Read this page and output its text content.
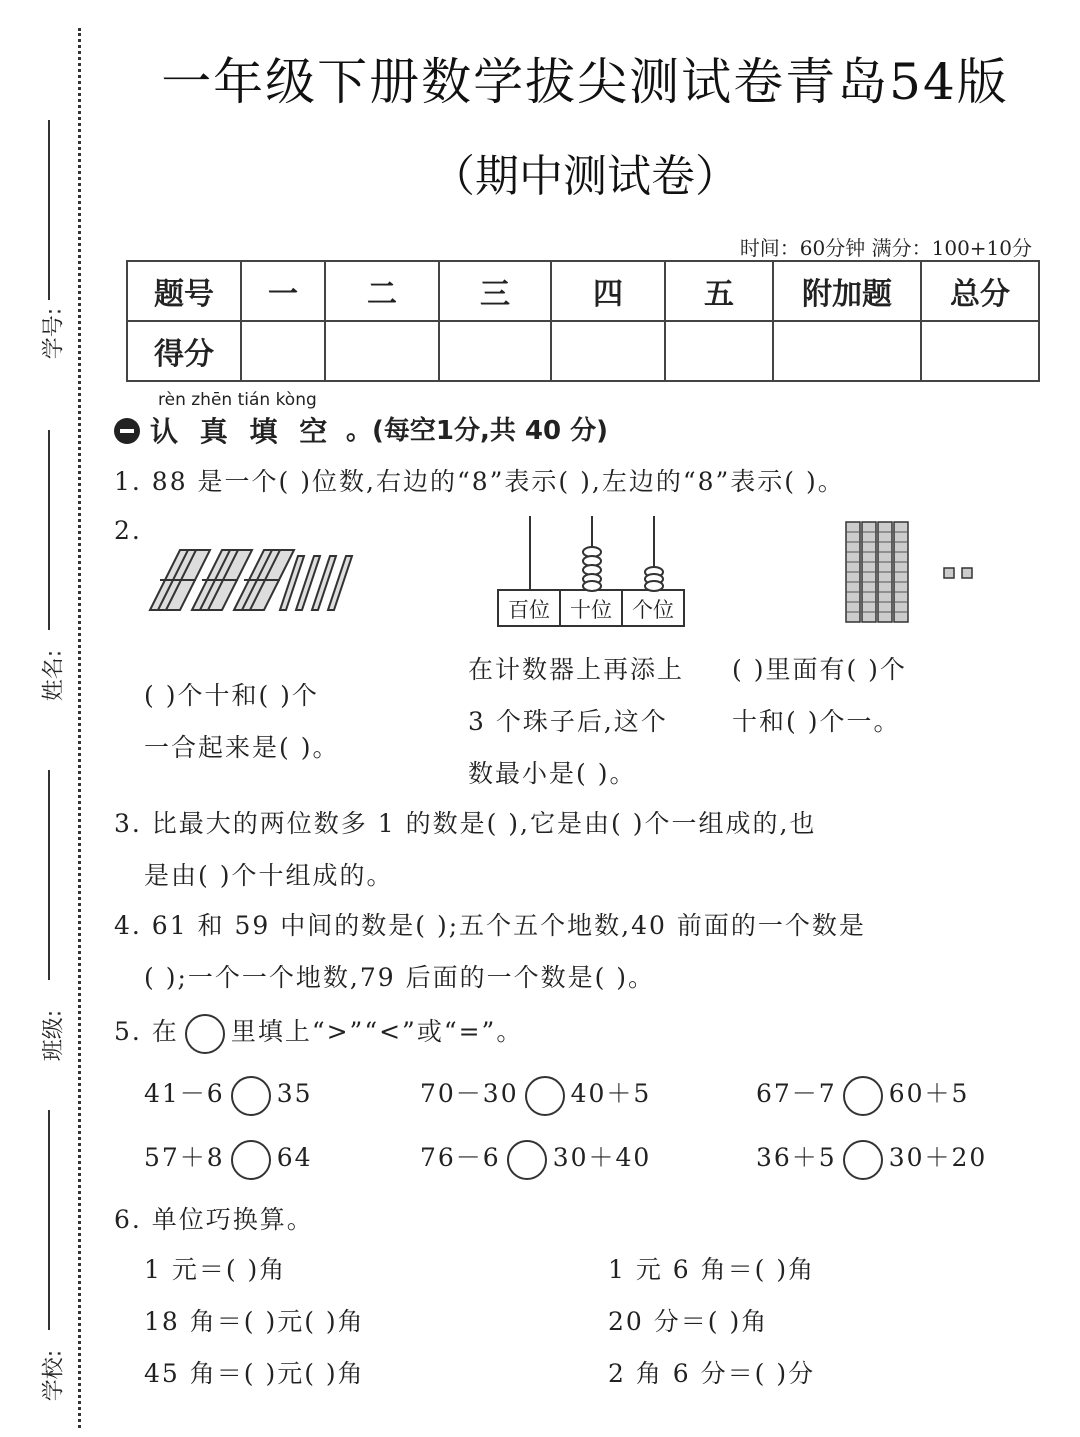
学号:
姓名:
班级:
学校:
一年级下册数学拔尖测试卷青岛54版
（期中测试卷）
时间：60分钟 满分：100+10分
题号	一	二	三	四	五	附加题	总分
得分							
rèn zhēn tián kòng
认 真 填 空 。(每空1分,共 40 分)
1. 88 是一个( )位数,右边的“8”表示( ),左边的“8”表示( )。
2.
百位 十位 个位
( )个十和( )个
一合起来是( )。
在计数器上再添上
3 个珠子后,这个
数最小是( )。
( )里面有( )个
十和( )个一。
3. 比最大的两位数多 1 的数是( ),它是由( )个一组成的,也
是由( )个十组成的。
4. 61 和 59 中间的数是( );五个五个地数,40 前面的一个数是
( );一个一个地数,79 后面的一个数是( )。
5. 在 里填上“>”“<”或“=”。
41－6 35	70－30 40＋5	67－7 60＋5
57＋8 64	76－6 30＋40	36＋5 30＋20
6. 单位巧换算。
1 元＝( )角	1 元 6 角＝( )角
18 角＝( )元( )角	20 分＝( )角
45 角＝( )元( )角	2 角 6 分＝( )分
